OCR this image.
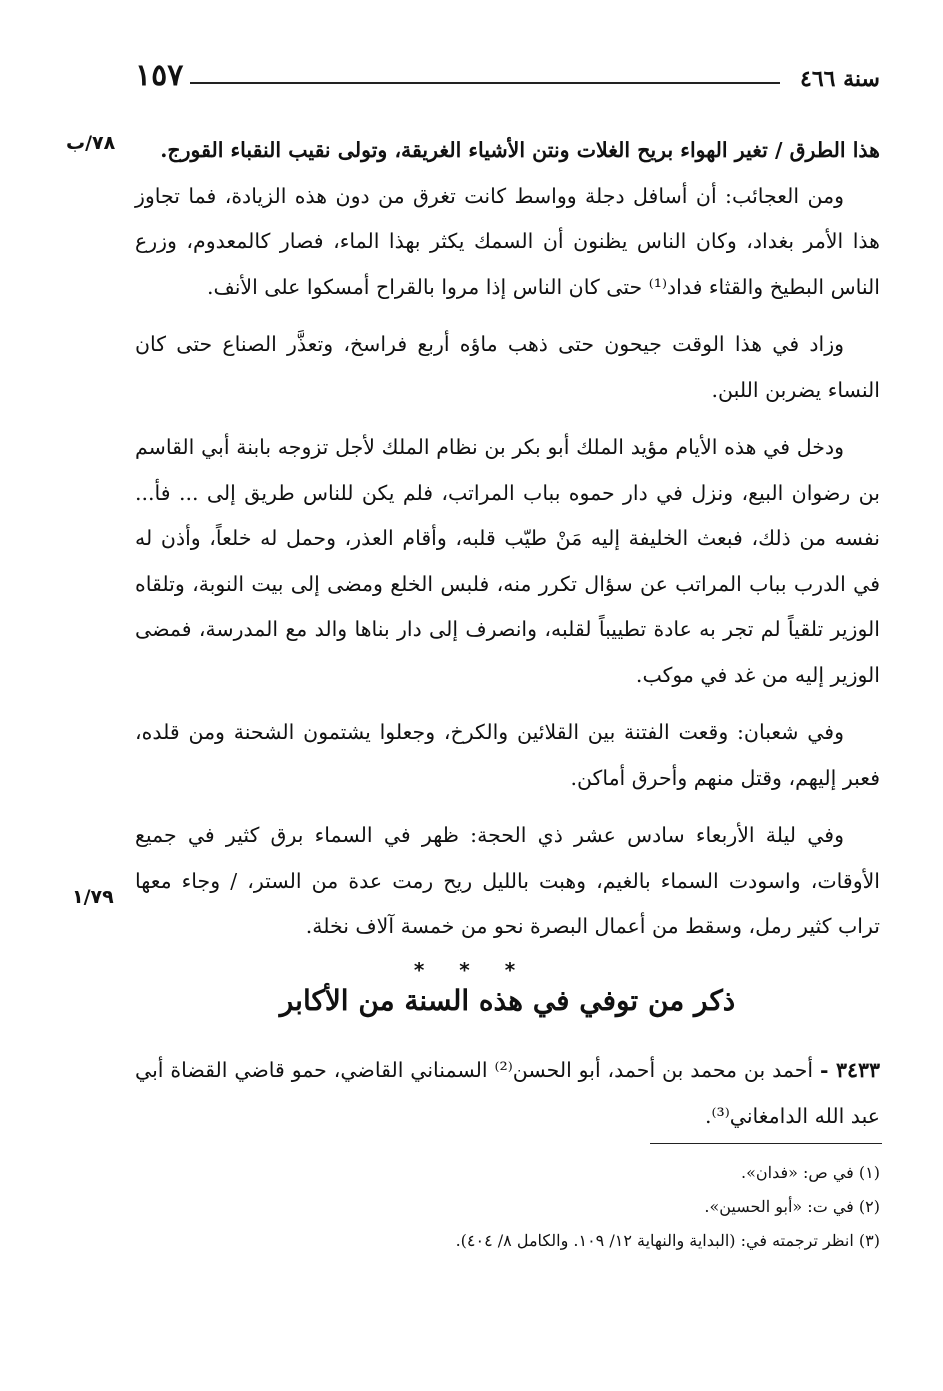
١٥٧	سنة ٤٦٦
٧٨/ب
١/٧٩

هذا الطرق / تغير الهواء بريح الغلات ونتن الأشياء الغريقة، وتولى نقيب النقباء القورج.

ومن العجائب: أن أسافل دجلة وواسط كانت تغرق من دون هذه الزيادة، فما تجاوز هذا الأمر بغداد، وكان الناس يظنون أن السمك يكثر بهذا الماء، فصار كالمعدوم، وزرع الناس البطيخ والقثاء فداد⁽¹⁾ حتى كان الناس إذا مروا بالقراح أمسكوا على الأنف.

وزاد في هذا الوقت جيحون حتى ذهب ماؤه أربع فراسخ، وتعذَّر الصناع حتى كان النساء يضربن اللبن.

ودخل في هذه الأيام مؤيد الملك أبو بكر بن نظام الملك لأجل تزوجه بابنة أبي القاسم بن رضوان البيع، ونزل في دار حموه بباب المراتب، فلم يكن للناس طريق إلى ... فأ... نفسه من ذلك، فبعث الخليفة إليه مَنْ طيّب قلبه، وأقام العذر، وحمل له خلعاً، وأذن له في الدرب بباب المراتب عن سؤال تكرر منه، فلبس الخلع ومضى إلى بيت النوبة، وتلقاه الوزير تلقياً لم تجر به عادة تطييباً لقلبه، وانصرف إلى دار بناها والد مع المدرسة، فمضى الوزير إليه من غد في موكب.

وفي شعبان: وقعت الفتنة بين القلائين والكرخ، وجعلوا يشتمون الشحنة ومن قلده، فعبر إليهم، وقتل منهم وأحرق أماكن.

وفي ليلة الأربعاء سادس عشر ذي الحجة: ظهر في السماء برق كثير في جميع الأوقات، واسودت السماء بالغيم، وهبت بالليل ريح رمت عدة من الستر، / وجاء معها تراب كثير رمل، وسقط من أعمال البصرة نحو من خمسة آلاف نخلة.

* * *
ذكر من توفي في هذه السنة من الأكابر

٣٤٣٣ - أحمد بن محمد بن أحمد، أبو الحسن⁽²⁾ السمناني القاضي، حمو قاضي القضاة أبي عبد الله الدامغاني⁽³⁾.

(١) في ص: «فدان».

(٢) في ت: «أبو الحسين».

(٣) انظر ترجمته في: (البداية والنهاية ١٢/ ١٠٩. والكامل ٨/ ٤٠٤).
